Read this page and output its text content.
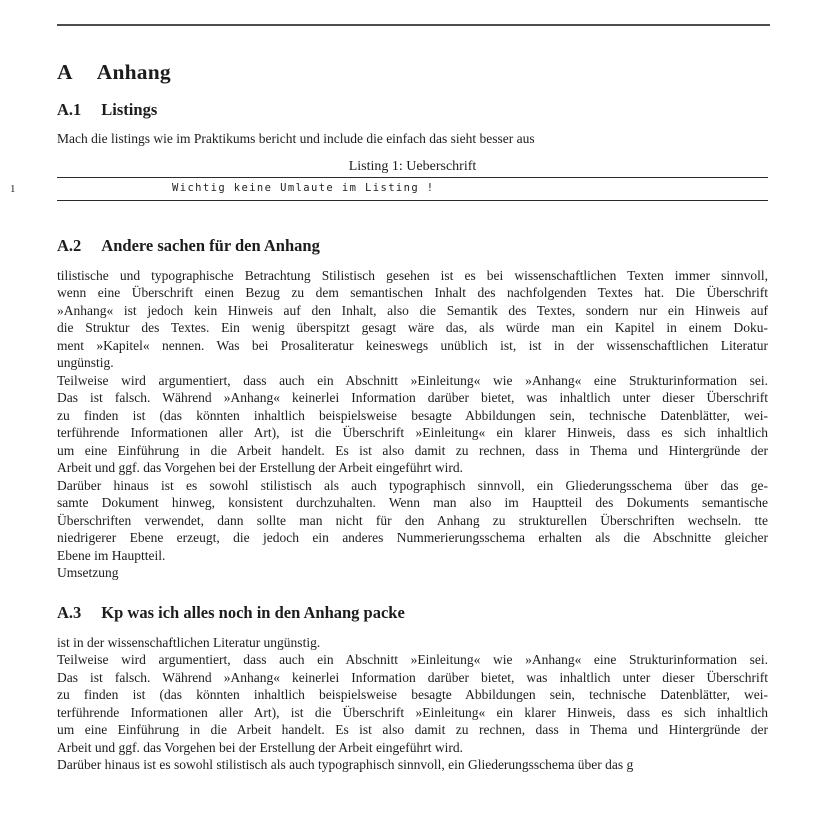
A Anhang
A.1 Listings
Mach die listings wie im Praktikums bericht und include die einfach das sieht besser aus
Listing 1: Ueberschrift
1	Wichtig keine Umlaute im Listing !
A.2 Andere sachen für den Anhang
tilistische und typographische Betrachtung Stilistisch gesehen ist es bei wissenschaftlichen Texten immer sinnvoll,
wenn eine Überschrift einen Bezug zu dem semantischen Inhalt des nachfolgenden Textes hat. Die Überschrift
»Anhang« ist jedoch kein Hinweis auf den Inhalt, also die Semantik des Textes, sondern nur ein Hinweis auf
die Struktur des Textes. Ein wenig überspitzt gesagt wäre das, als würde man ein Kapitel in einem Doku-
ment »Kapitel« nennen. Was bei Prosaliteratur keineswegs unüblich ist, ist in der wissenschaftlichen Literatur
ungünstig.
Teilweise wird argumentiert, dass auch ein Abschnitt »Einleitung« wie »Anhang« eine Strukturinformation sei.
Das ist falsch. Während »Anhang« keinerlei Information darüber bietet, was inhaltlich unter dieser Überschrift
zu finden ist (das könnten inhaltlich beispielsweise besagte Abbildungen sein, technische Datenblätter, wei-
terführende Informationen aller Art), ist die Überschrift »Einleitung« ein klarer Hinweis, dass es sich inhaltlich
um eine Einführung in die Arbeit handelt. Es ist also damit zu rechnen, dass in Thema und Hintergründe der
Arbeit und ggf. das Vorgehen bei der Erstellung der Arbeit eingeführt wird.
Darüber hinaus ist es sowohl stilistisch als auch typographisch sinnvoll, ein Gliederungsschema über das ge-
samte Dokument hinweg, konsistent durchzuhalten. Wenn man also im Hauptteil des Dokuments semantische
Überschriften verwendet, dann sollte man nicht für den Anhang zu strukturellen Überschriften wechseln. tte
niedrigerer Ebene erzeugt, die jedoch ein anderes Nummerierungsschema erhalten als die Abschnitte gleicher
Ebene im Hauptteil.
Umsetzung
A.3 Kp was ich alles noch in den Anhang packe
ist in der wissenschaftlichen Literatur ungünstig.
Teilweise wird argumentiert, dass auch ein Abschnitt »Einleitung« wie »Anhang« eine Strukturinformation sei.
Das ist falsch. Während »Anhang« keinerlei Information darüber bietet, was inhaltlich unter dieser Überschrift
zu finden ist (das könnten inhaltlich beispielsweise besagte Abbildungen sein, technische Datenblätter, wei-
terführende Informationen aller Art), ist die Überschrift »Einleitung« ein klarer Hinweis, dass es sich inhaltlich
um eine Einführung in die Arbeit handelt. Es ist also damit zu rechnen, dass in Thema und Hintergründe der
Arbeit und ggf. das Vorgehen bei der Erstellung der Arbeit eingeführt wird.
Darüber hinaus ist es sowohl stilistisch als auch typographisch sinnvoll, ein Gliederungsschema über das g
